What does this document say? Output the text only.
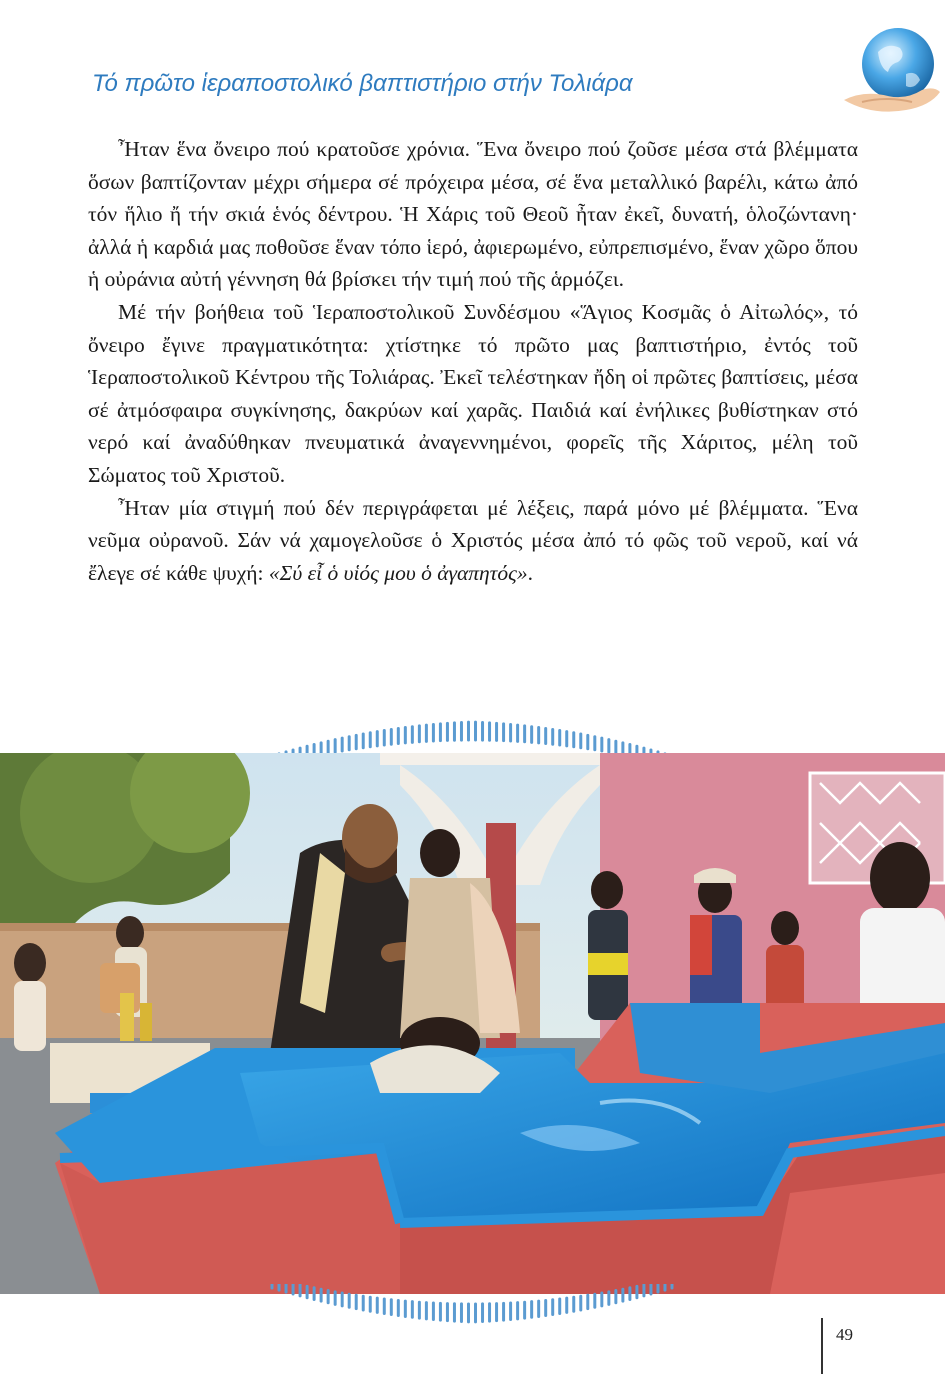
Τό πρῶτο ἱεραποστολικό βαπτιστήριο στήν Τολιάρα

Ἦταν ἕνα ὄνειρο πού κρατοῦσε χρόνια. Ἕνα ὄνειρο πού ζοῦσε μέσα στά βλέμματα ὅσων βαπτίζονταν μέχρι σήμερα σέ πρόχειρα μέσα, σέ ἕνα μεταλλικό βαρέλι, κάτω ἀπό τόν ἥλιο ἤ τήν σκιά ἑνός δέντρου. Ἡ Χάρις τοῦ Θεοῦ ἦταν ἐκεῖ, δυνατή, ὁλοζώντανη· ἀλλά ἡ καρδιά μας ποθοῦσε ἕναν τόπο ἱερό, ἀφιερωμένο, εὐπρεπισμένο, ἕναν χῶρο ὅπου ἡ οὐράνια αὐτή γέννηση θά βρίσκει τήν τιμή πού τῆς ἁρμόζει.

Μέ τήν βοήθεια τοῦ Ἱεραποστολικοῦ Συνδέσμου «Ἅγιος Κοσμᾶς ὁ Αἰτωλός», τό ὄνειρο ἔγινε πραγματικότητα: χτίστηκε τό πρῶτο μας βαπτιστήριο, ἐντός τοῦ Ἱεραποστολικοῦ Κέντρου τῆς Τολιάρας. Ἐκεῖ τελέστηκαν ἤδη οἱ πρῶτες βαπτίσεις, μέσα σέ ἀτμόσφαιρα συγκίνησης, δακρύων καί χαρᾶς. Παιδιά καί ἐνήλικες βυθίστηκαν στό νερό καί ἀναδύθηκαν πνευματικά ἀναγεννημένοι, φορεῖς τῆς Χάριτος, μέλη τοῦ Σώματος τοῦ Χριστοῦ.

Ἦταν μία στιγμή πού δέν περιγράφεται μέ λέξεις, παρά μόνο μέ βλέμματα. Ἕνα νεῦμα οὐρανοῦ. Σάν νά χαμογελοῦσε ὁ Χριστός μέσα ἀπό τό φῶς τοῦ νεροῦ, καί νά ἔλεγε σέ κάθε ψυχή: «Σύ εἶ ὁ υἱός μου ὁ ἀγαπητός».

49
